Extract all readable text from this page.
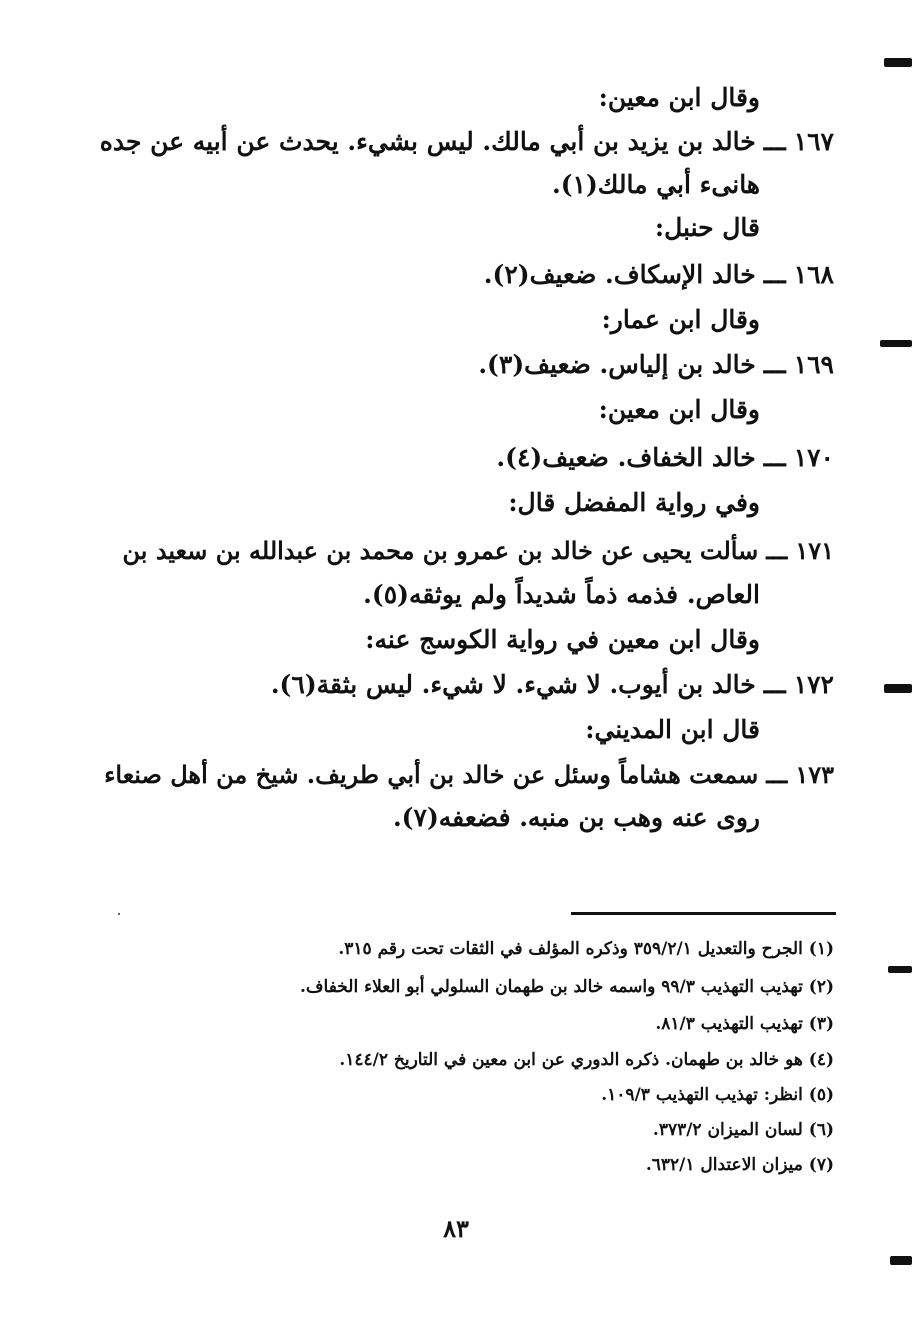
وقال ابن معين:
١٦٧ـــخالد بن يزيد بن أبي مالك. ليس بشيء. يحدث عن أبيه عن جده
هانىء أبي مالك(١).
قال حنبل:
١٦٨ـــخالد الإسكاف. ضعيف(٢).
وقال ابن عمار:
١٦٩ـــخالد بن إلياس. ضعيف(٣).
وقال ابن معين:
١٧٠ـــخالد الخفاف. ضعيف(٤).
وفي رواية المفضل قال:
١٧١ـــسألت يحيى عن خالد بن عمرو بن محمد بن عبدالله بن سعيد بن
العاص. فذمه ذماً شديداً ولم يوثقه(٥).
وقال ابن معين في رواية الكوسج عنه:
١٧٢ـــخالد بن أيوب. لا شيء. لا شيء. ليس بثقة(٦).
قال ابن المديني:
١٧٣ـــسمعت هشاماً وسئل عن خالد بن أبي طريف. شيخ من أهل صنعاء
روى عنه وهب بن منبه. فضعفه(٧).
(١) الجرح والتعديل ٣٥٩/٢/١ وذكره المؤلف في الثقات تحت رقم ٣١٥.
(٢) تهذيب التهذيب ٩٩/٣ واسمه خالد بن طهمان السلولي أبو العلاء الخفاف.
(٣) تهذيب التهذيب ٨١/٣.
(٤) هو خالد بن طهمان. ذكره الدوري عن ابن معين في التاريخ ١٤٤/٢.
(٥) انظر: تهذيب التهذيب ١٠٩/٣.
(٦) لسان الميزان ٣٧٣/٢.
(٧) ميزان الاعتدال ٦٣٢/١.
٨٣
